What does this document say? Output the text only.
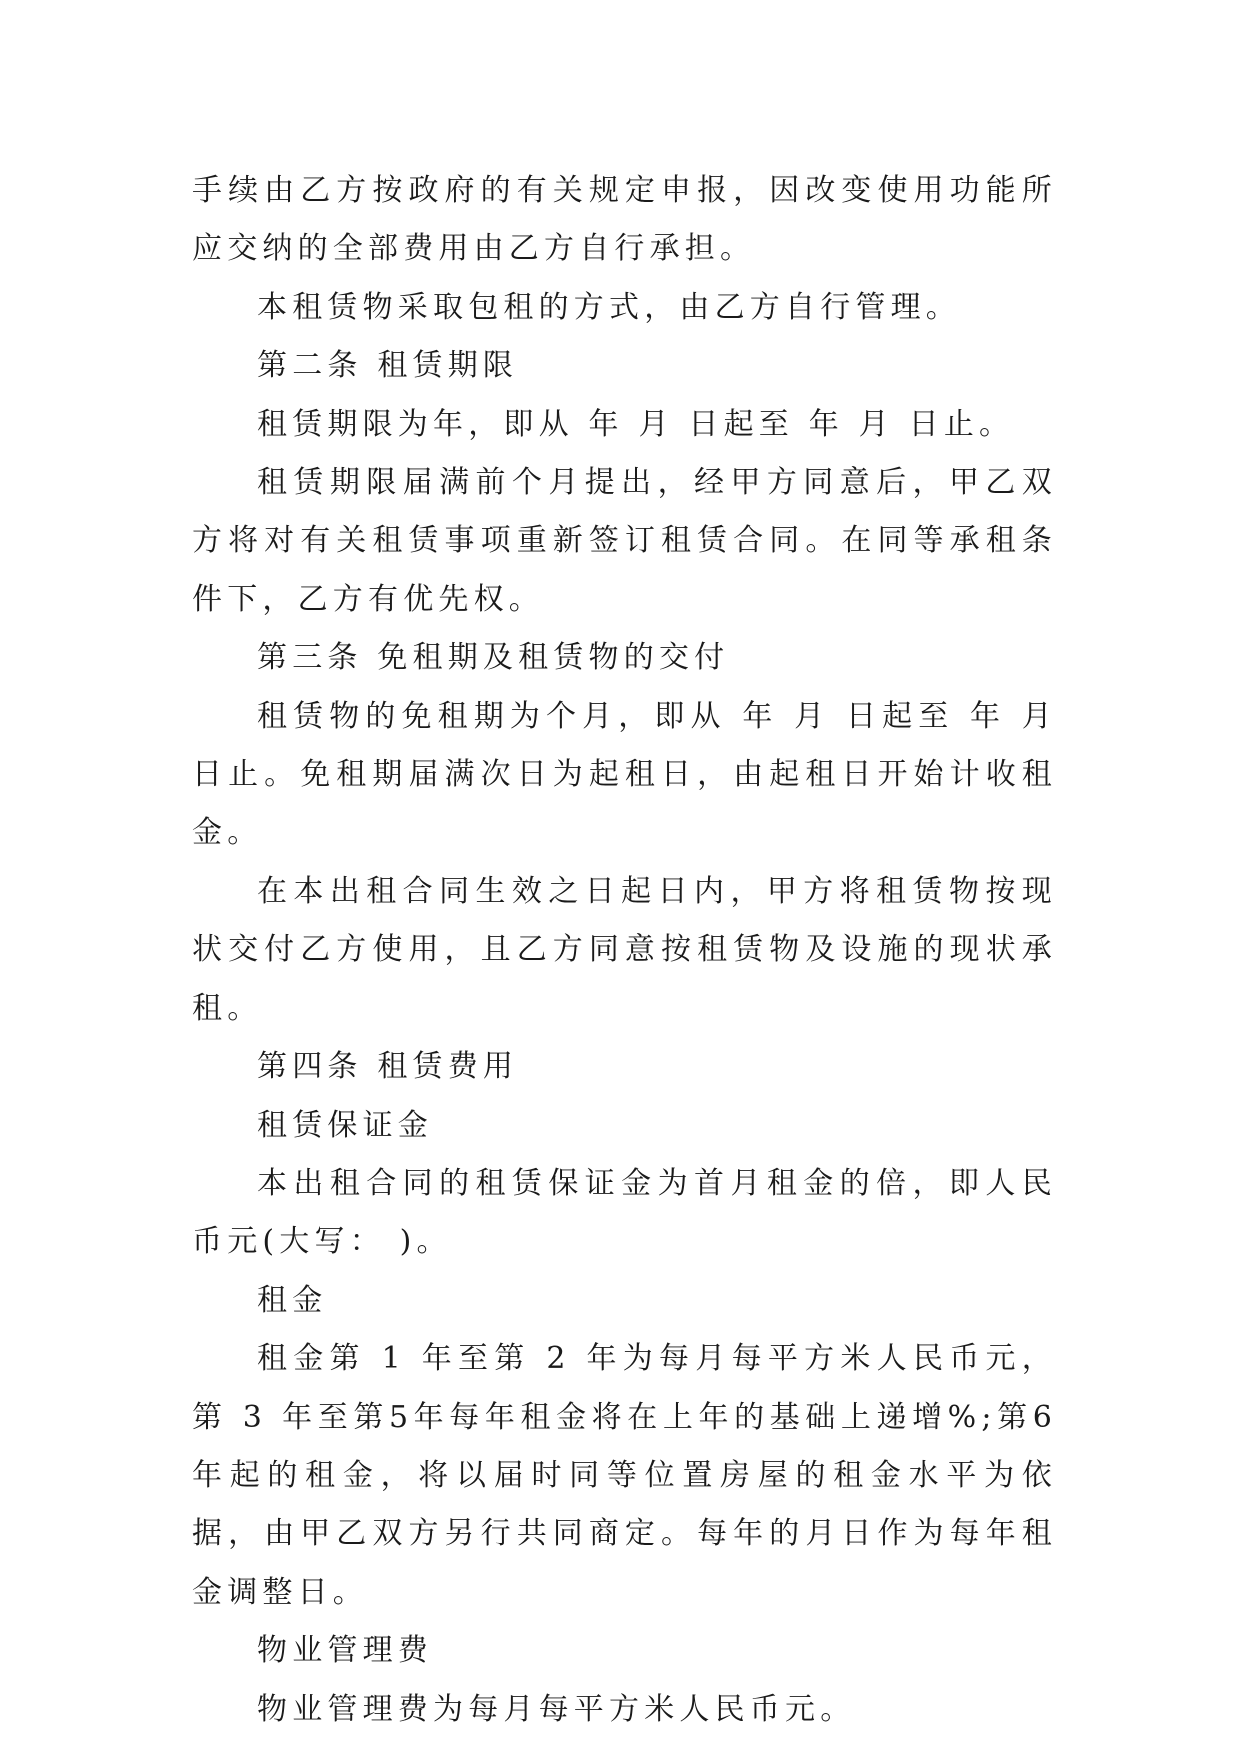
手续由乙方按政府的有关规定申报，因改变使用功能所应交纳的全部费用由乙方自行承担。

本租赁物采取包租的方式，由乙方自行管理。

第二条 租赁期限

租赁期限为年，即从 年 月 日起至 年 月 日止。

租赁期限届满前个月提出，经甲方同意后，甲乙双方将对有关租赁事项重新签订租赁合同。在同等承租条件下，乙方有优先权。

第三条 免租期及租赁物的交付

租赁物的免租期为个月，即从 年 月 日起至 年 月 日止。免租期届满次日为起租日，由起租日开始计收租金。

在本出租合同生效之日起日内，甲方将租赁物按现状交付乙方使用，且乙方同意按租赁物及设施的现状承租。

第四条 租赁费用

租赁保证金

本出租合同的租赁保证金为首月租金的倍，即人民币元(大写： )。

租金

租金第 1 年至第 2 年为每月每平方米人民币元，第 3 年至第5年每年租金将在上年的基础上递增%;第6年起的租金，将以届时同等位置房屋的租金水平为依据，由甲乙双方另行共同商定。每年的月日作为每年租金调整日。

物业管理费

物业管理费为每月每平方米人民币元。
